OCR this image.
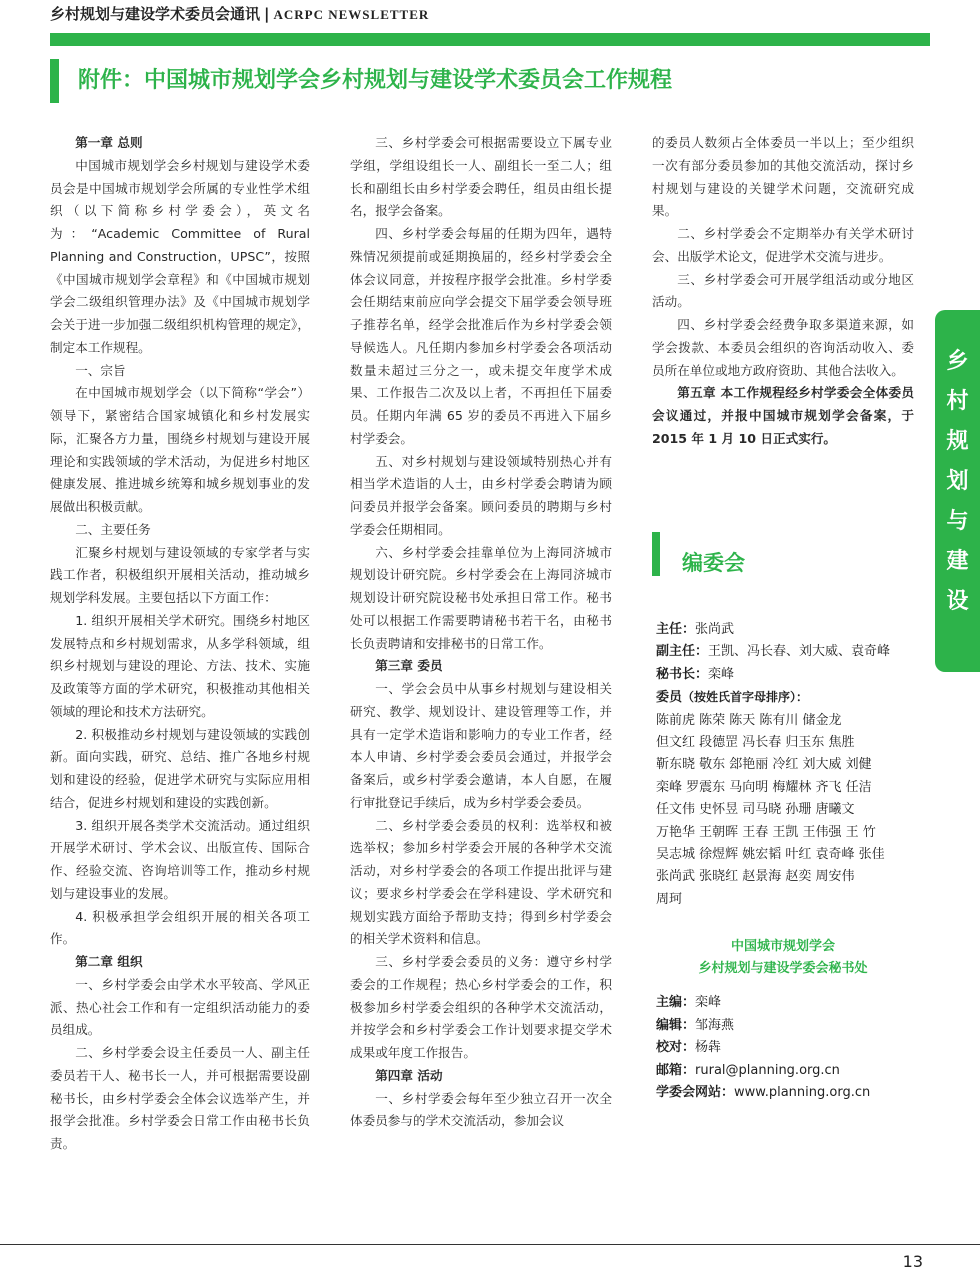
乡村规划与建设学术委员会通讯 | ACRPC NEWSLETTER
附件：中国城市规划学会乡村规划与建设学术委员会工作规程

第一章 总则

中国城市规划学会乡村规划与建设学术委员会是中国城市规划学会所属的专业性学术组织（以下简称乡村学委会），英文名为：“Academic Committee of Rural Planning and Construction，UPSC”，按照《中国城市规划学会章程》和《中国城市规划学会二级组织管理办法》及《中国城市规划学会关于进一步加强二级组织机构管理的规定》，制定本工作规程。

一、宗旨

在中国城市规划学会（以下简称“学会”）领导下，紧密结合国家城镇化和乡村发展实际，汇聚各方力量，围绕乡村规划与建设开展理论和实践领域的学术活动，为促进乡村地区健康发展、推进城乡统筹和城乡规划事业的发展做出积极贡献。

二、主要任务

汇聚乡村规划与建设领域的专家学者与实践工作者，积极组织开展相关活动，推动城乡规划学科发展。主要包括以下方面工作：

1. 组织开展相关学术研究。围绕乡村地区发展特点和乡村规划需求，从多学科领域，组织乡村规划与建设的理论、方法、技术、实施及政策等方面的学术研究，积极推动其他相关领域的理论和技术方法研究。

2. 积极推动乡村规划与建设领域的实践创新。面向实践，研究、总结、推广各地乡村规划和建设的经验，促进学术研究与实际应用相结合，促进乡村规划和建设的实践创新。

3. 组织开展各类学术交流活动。通过组织开展学术研讨、学术会议、出版宣传、国际合作、经验交流、咨询培训等工作，推动乡村规划与建设事业的发展。

4. 积极承担学会组织开展的相关各项工作。

第二章 组织

一、乡村学委会由学术水平较高、学风正派、热心社会工作和有一定组织活动能力的委员组成。

二、乡村学委会设主任委员一人、副主任委员若干人、秘书长一人，并可根据需要设副秘书长，由乡村学委会全体会议选举产生，并报学会批准。乡村学委会日常工作由秘书长负责。

三、乡村学委会可根据需要设立下属专业学组，学组设组长一人、副组长一至二人；组长和副组长由乡村学委会聘任，组员由组长提名，报学会备案。

四、乡村学委会每届的任期为四年，遇特殊情况须提前或延期换届的，经乡村学委会全体会议同意，并按程序报学会批准。乡村学委会任期结束前应向学会提交下届学委会领导班子推荐名单，经学会批准后作为乡村学委会领导候选人。凡任期内参加乡村学委会各项活动数量未超过三分之一，或未提交年度学术成果、工作报告二次及以上者，不再担任下届委员。任期内年满 65 岁的委员不再进入下届乡村学委会。

五、对乡村规划与建设领域特别热心并有相当学术造诣的人士，由乡村学委会聘请为顾问委员并报学会备案。顾问委员的聘期与乡村学委会任期相同。

六、乡村学委会挂靠单位为上海同济城市规划设计研究院。乡村学委会在上海同济城市规划设计研究院设秘书处承担日常工作。秘书处可以根据工作需要聘请秘书若干名，由秘书长负责聘请和安排秘书的日常工作。

第三章 委员

一、学会会员中从事乡村规划与建设相关研究、教学、规划设计、建设管理等工作，并具有一定学术造诣和影响力的专业工作者，经本人申请、乡村学委会委员会通过，并报学会备案后，或乡村学委会邀请，本人自愿，在履行审批登记手续后，成为乡村学委会委员。

二、乡村学委会委员的权利：选举权和被选举权；参加乡村学委会开展的各种学术交流活动，对乡村学委会的各项工作提出批评与建议；要求乡村学委会在学科建设、学术研究和规划实践方面给予帮助支持；得到乡村学委会的相关学术资料和信息。

三、乡村学委会委员的义务：遵守乡村学委会的工作规程；热心乡村学委会的工作，积极参加乡村学委会组织的各种学术交流活动，并按学会和乡村学委会工作计划要求提交学术成果或年度工作报告。

第四章 活动

一、乡村学委会每年至少独立召开一次全体委员参与的学术交流活动，参加会议

的委员人数须占全体委员一半以上；至少组织一次有部分委员参加的其他交流活动，探讨乡村规划与建设的关键学术问题，交流研究成果。

二、乡村学委会不定期举办有关学术研讨会、出版学术论文，促进学术交流与进步。

三、乡村学委会可开展学组活动或分地区活动。

四、乡村学委会经费争取多渠道来源，如学会拨款、本委员会组织的咨询活动收入、委员所在单位或地方政府资助、其他合法收入。

第五章 本工作规程经乡村学委会全体委员会议通过，并报中国城市规划学会备案，于 2015 年 1 月 10 日正式实行。

编委会
主任：张尚武
副主任：王凯、冯长春、刘大威、袁奇峰
秘书长：栾峰
委员（按姓氏首字母排序）：
陈前虎 陈荣 陈天 陈有川 储金龙
但文红 段德罡 冯长春 归玉东 焦胜
靳东晓 敬东 郐艳丽 冷红 刘大威 刘健
栾峰 罗震东 马向明 梅耀林 齐飞 任洁
任文伟 史怀昱 司马晓 孙珊 唐曦文
万艳华 王朝晖 王春 王凯 王伟强 王 竹
吴志城 徐煜辉 姚宏韬 叶红 袁奇峰 张佳
张尚武 张晓红 赵景海 赵奕 周安伟
周珂
中国城市规划学会
乡村规划与建设学委会秘书处
主编：栾峰
编辑：邹海燕
校对：杨犇
邮箱：rural@planning.org.cn
学委会网站：www.planning.org.cn
乡
村
规
划
与
建
设
13
